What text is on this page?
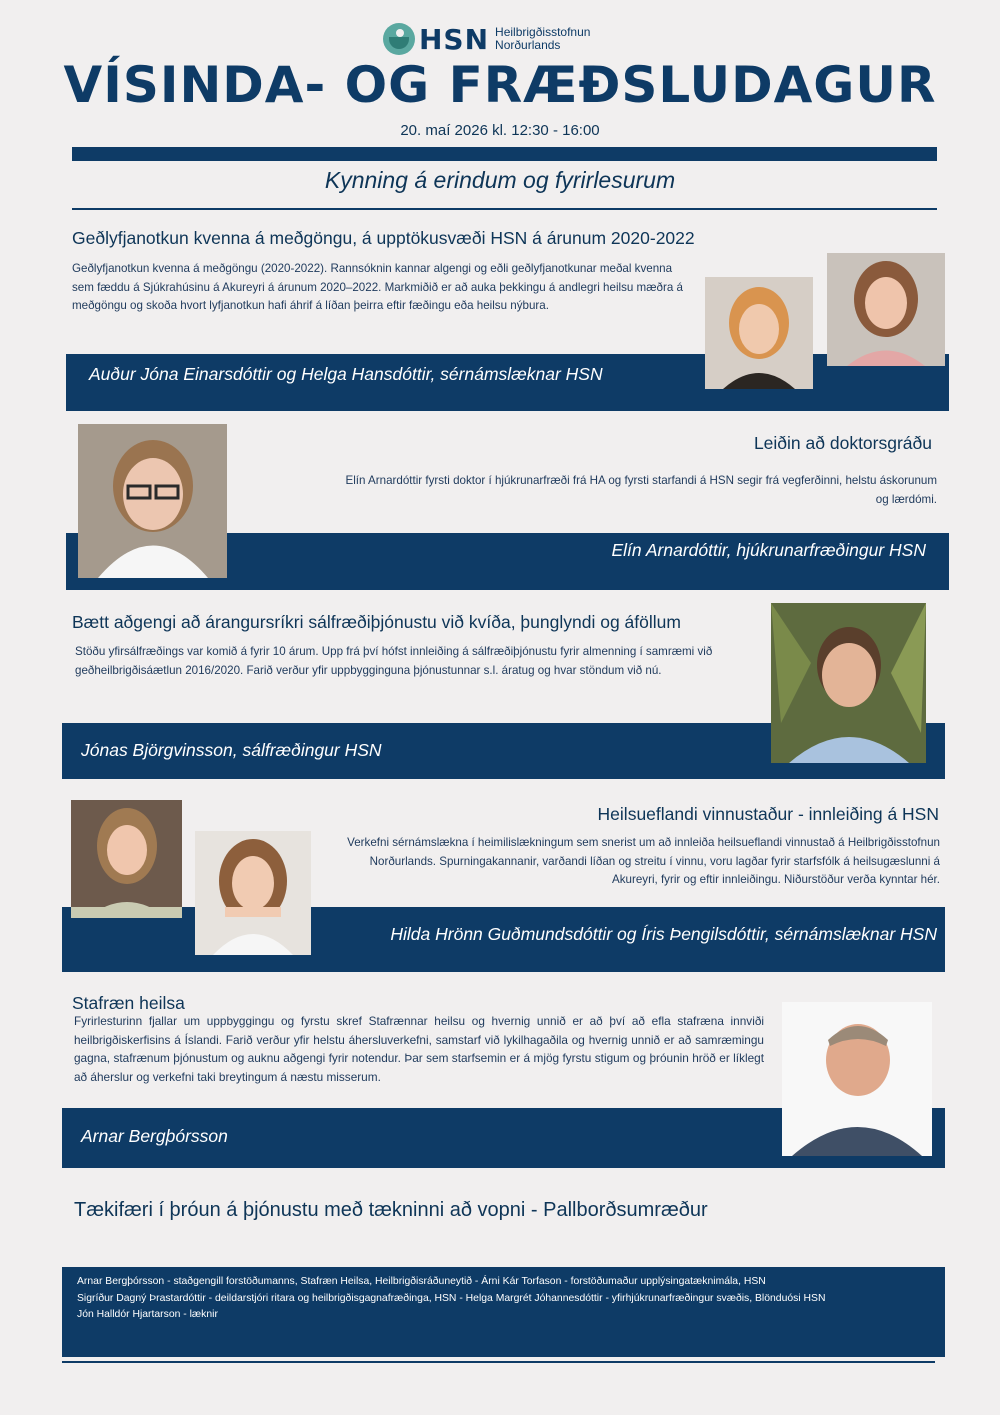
HSN Heilbrigðisstofnun
Norðurlands
VÍSINDA- OG FRÆÐSLUDAGUR
20. maí 2026 kl. 12:30 - 16:00
Kynning á erindum og fyrirlesurum
Geðlyfjanotkun kvenna á meðgöngu, á upptökusvæði HSN á árunum 2020-2022
Geðlyfjanotkun kvenna á meðgöngu (2020-2022). Rannsóknin kannar algengi og eðli geðlyfjanotkunar meðal kvenna sem fæddu á Sjúkrahúsinu á Akureyri á árunum 2020–2022. Markmiðið er að auka þekkingu á andlegri heilsu mæðra á meðgöngu og skoða hvort lyfjanotkun hafi áhrif á líðan þeirra eftir fæðingu eða heilsu nýbura.
Auður Jóna Einarsdóttir og Helga Hansdóttir, sérnámslæknar HSN
Leiðin að doktorsgráðu
Elín Arnardóttir fyrsti doktor í hjúkrunarfræði frá HA og fyrsti starfandi á HSN segir frá vegferðinni, helstu áskorunum og lærdómi.
Elín Arnardóttir, hjúkrunarfræðingur HSN
Bætt aðgengi að árangursríkri sálfræðiþjónustu við kvíða, þunglyndi og áföllum
Stöðu yfirsálfræðings var komið á fyrir 10 árum. Upp frá því hófst innleiðing á sálfræðiþjónustu fyrir almenning í samræmi við geðheilbrigðisáætlun 2016/2020. Farið verður yfir uppbygginguna þjónustunnar s.l. áratug og hvar stöndum við nú.
Jónas Björgvinsson, sálfræðingur HSN
Heilsueflandi vinnustaður - innleiðing á HSN
Verkefni sérnámslækna í heimilislækningum sem snerist um að innleiða heilsueflandi vinnustað á Heilbrigðisstofnun Norðurlands. Spurningakannanir, varðandi líðan og streitu í vinnu, voru lagðar fyrir starfsfólk á heilsugæslunni á Akureyri, fyrir og eftir innleiðingu. Niðurstöður verða kynntar hér.
Hilda Hrönn Guðmundsdóttir og Íris Þengilsdóttir, sérnámslæknar HSN
Stafræn heilsa
Fyrirlesturinn fjallar um uppbyggingu og fyrstu skref Stafrænnar heilsu og hvernig unnið er að því að efla stafræna innviði heilbrigðiskerfisins á Íslandi. Farið verður yfir helstu áhersluverkefni, samstarf við lykilhagaðila og hvernig unnið er að samræmingu gagna, stafrænum þjónustum og auknu aðgengi fyrir notendur. Þar sem starfsemin er á mjög fyrstu stigum og þróunin hröð er líklegt að áherslur og verkefni taki breytingum á næstu misserum.
Arnar Bergþórsson
Tækifæri í þróun á þjónustu með tækninni að vopni - Pallborðsumræður
Arnar Bergþórsson - staðgengill forstöðumanns, Stafræn Heilsa, Heilbrigðisráðuneytið - Árni Kár Torfason - forstöðumaður upplýsingatæknimála, HSN
Sigríður Dagný Þrastardóttir - deildarstjóri ritara og heilbrigðisgagnafræðinga, HSN - Helga Margrét Jóhannesdóttir - yfirhjúkrunarfræðingur svæðis, Blönduósi HSN
Jón Halldór Hjartarson - læknir
